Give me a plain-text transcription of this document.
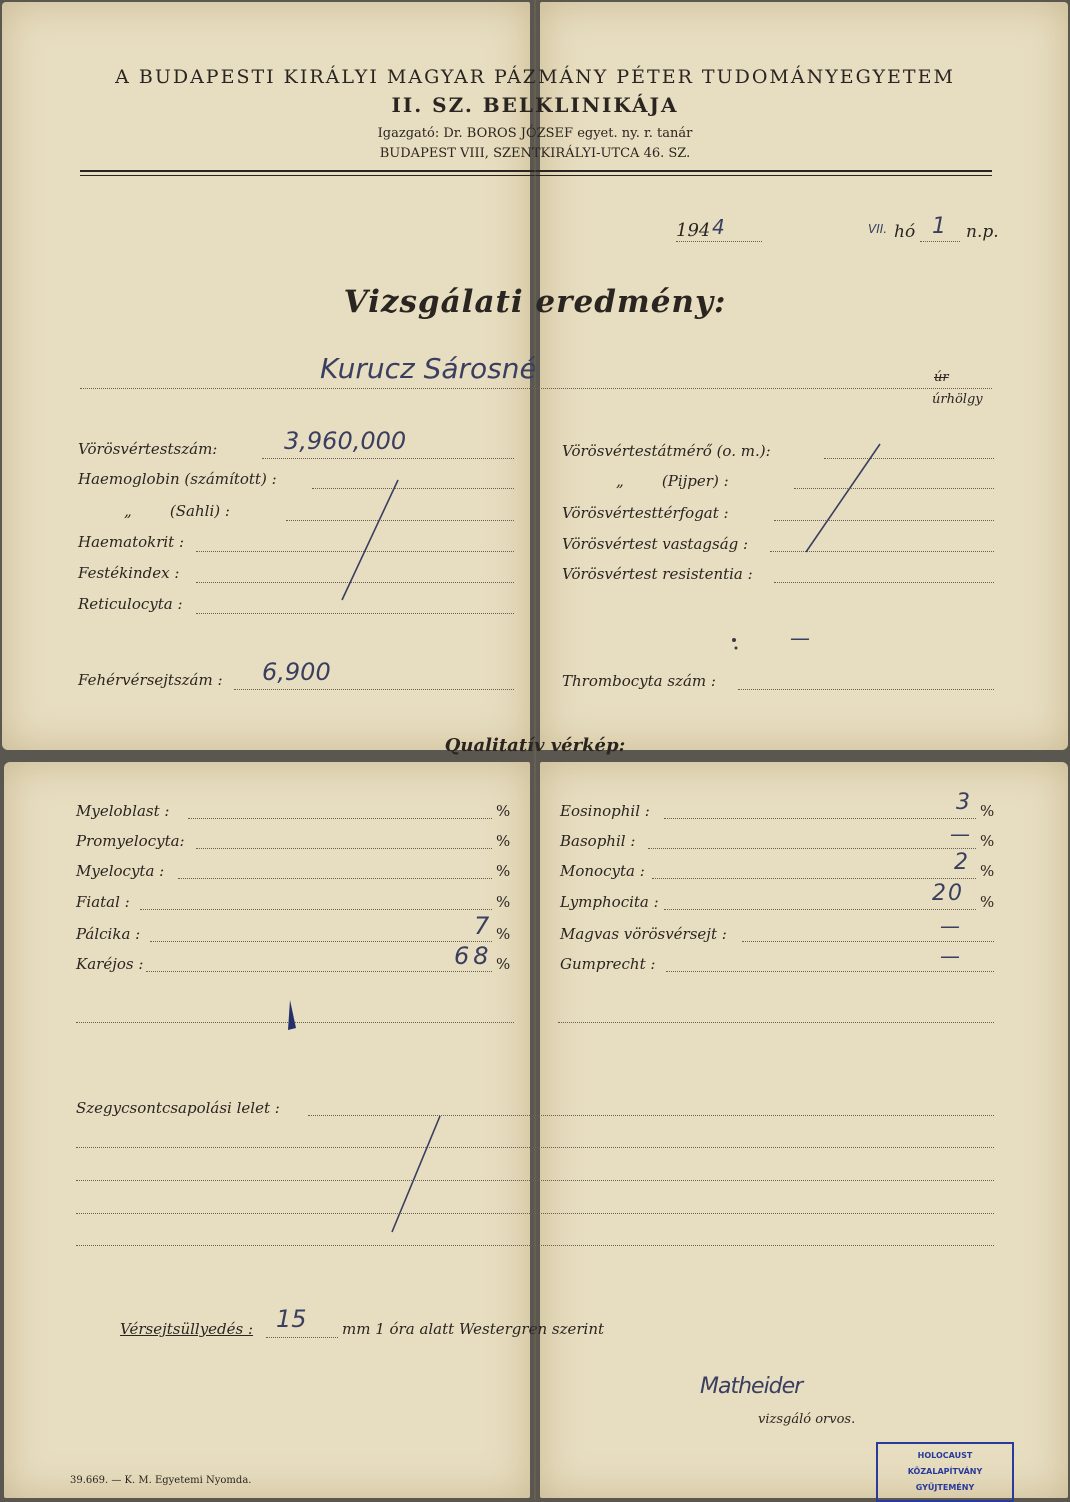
A BUDAPESTI KIRÁLYI MAGYAR PÁZMÁNY PÉTER TUDOMÁNYEGYETEM
II. SZ. BELKLINIKÁJA
Igazgató: Dr. BOROS JÓZSEF egyet. ny. r. tanár
BUDAPEST VIII, SZENTKIRÁLYI-UTCA 46. SZ.
194 4	VII. hó 1 n.p.
Vizsgálati eredmény:
Kurucz Sárosné	úr
úrhölgy
Vörösvértestszám:	3,960,000
Haemoglobin (számított) :
„        (Sahli) :
Haematokrit :
Festékindex :
Reticulocyta :
Vörösvértestátmérő (o. m.):
„        (Pijper) :
Vörösvértesttérfogat :
Vörösvértest vastagság :
Vörösvértest resistentia :
Fehérvérsejtszám : 6,900	Thrombocyta szám :
—
Qualitatív vérkép:
Myeloblast :	%
Promyelocyta:	%
Myelocyta :	%
Fiatal :	%
Pálcika :	7 %
Karéjos :	68 %
Eosinophil :	3 %
Basophil :	— %
Monocyta :	2 %
Lymphocita :	20 %
Magvas vörösvérsejt :	—
Gumprecht :	—
Szegycsontcsapolási lelet :
Vérsejtsüllyedés : 15 mm 1 óra alatt Westergren szerint
Matheider
vizsgáló orvos.
39.669. — K. M. Egyetemi Nyomda.
HOLOCAUST KÖZALAPÍTVÁNY
GYŰJTEMÉNY
